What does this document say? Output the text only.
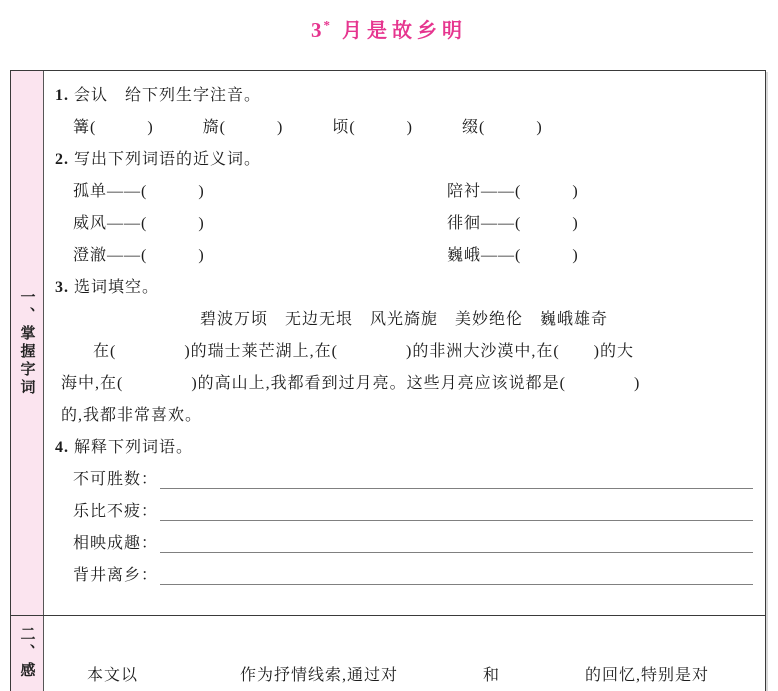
3* 月是故乡明
一、掌握字词
1. 会认　给下列生字注音。
篝(　　　)	旖(　　　)	顷(　　　)	缀(　　　)
2. 写出下列词语的近义词。
孤单——(　　　)	陪衬——(　　　)
威风——(　　　)	徘徊——(　　　)
澄澈——(　　　)	巍峨——(　　　)
3. 选词填空。
碧波万顷　无边无垠　风光旖旎　美妙绝伦　巍峨雄奇
在(　　　　)的瑞士莱芒湖上,在(　　　　)的非洲大沙漠中,在(　　)的大
海中,在(　　　　)的高山上,我都看到过月亮。这些月亮应该说都是(　　　　)
的,我都非常喜欢。
4. 解释下列词语。
不可胜数：
乐比不疲：
相映成趣：
背井离乡：
二、感	本文以　　　　　　作为抒情线索,通过对　　　　　和　　　　　的回忆,特别是对
